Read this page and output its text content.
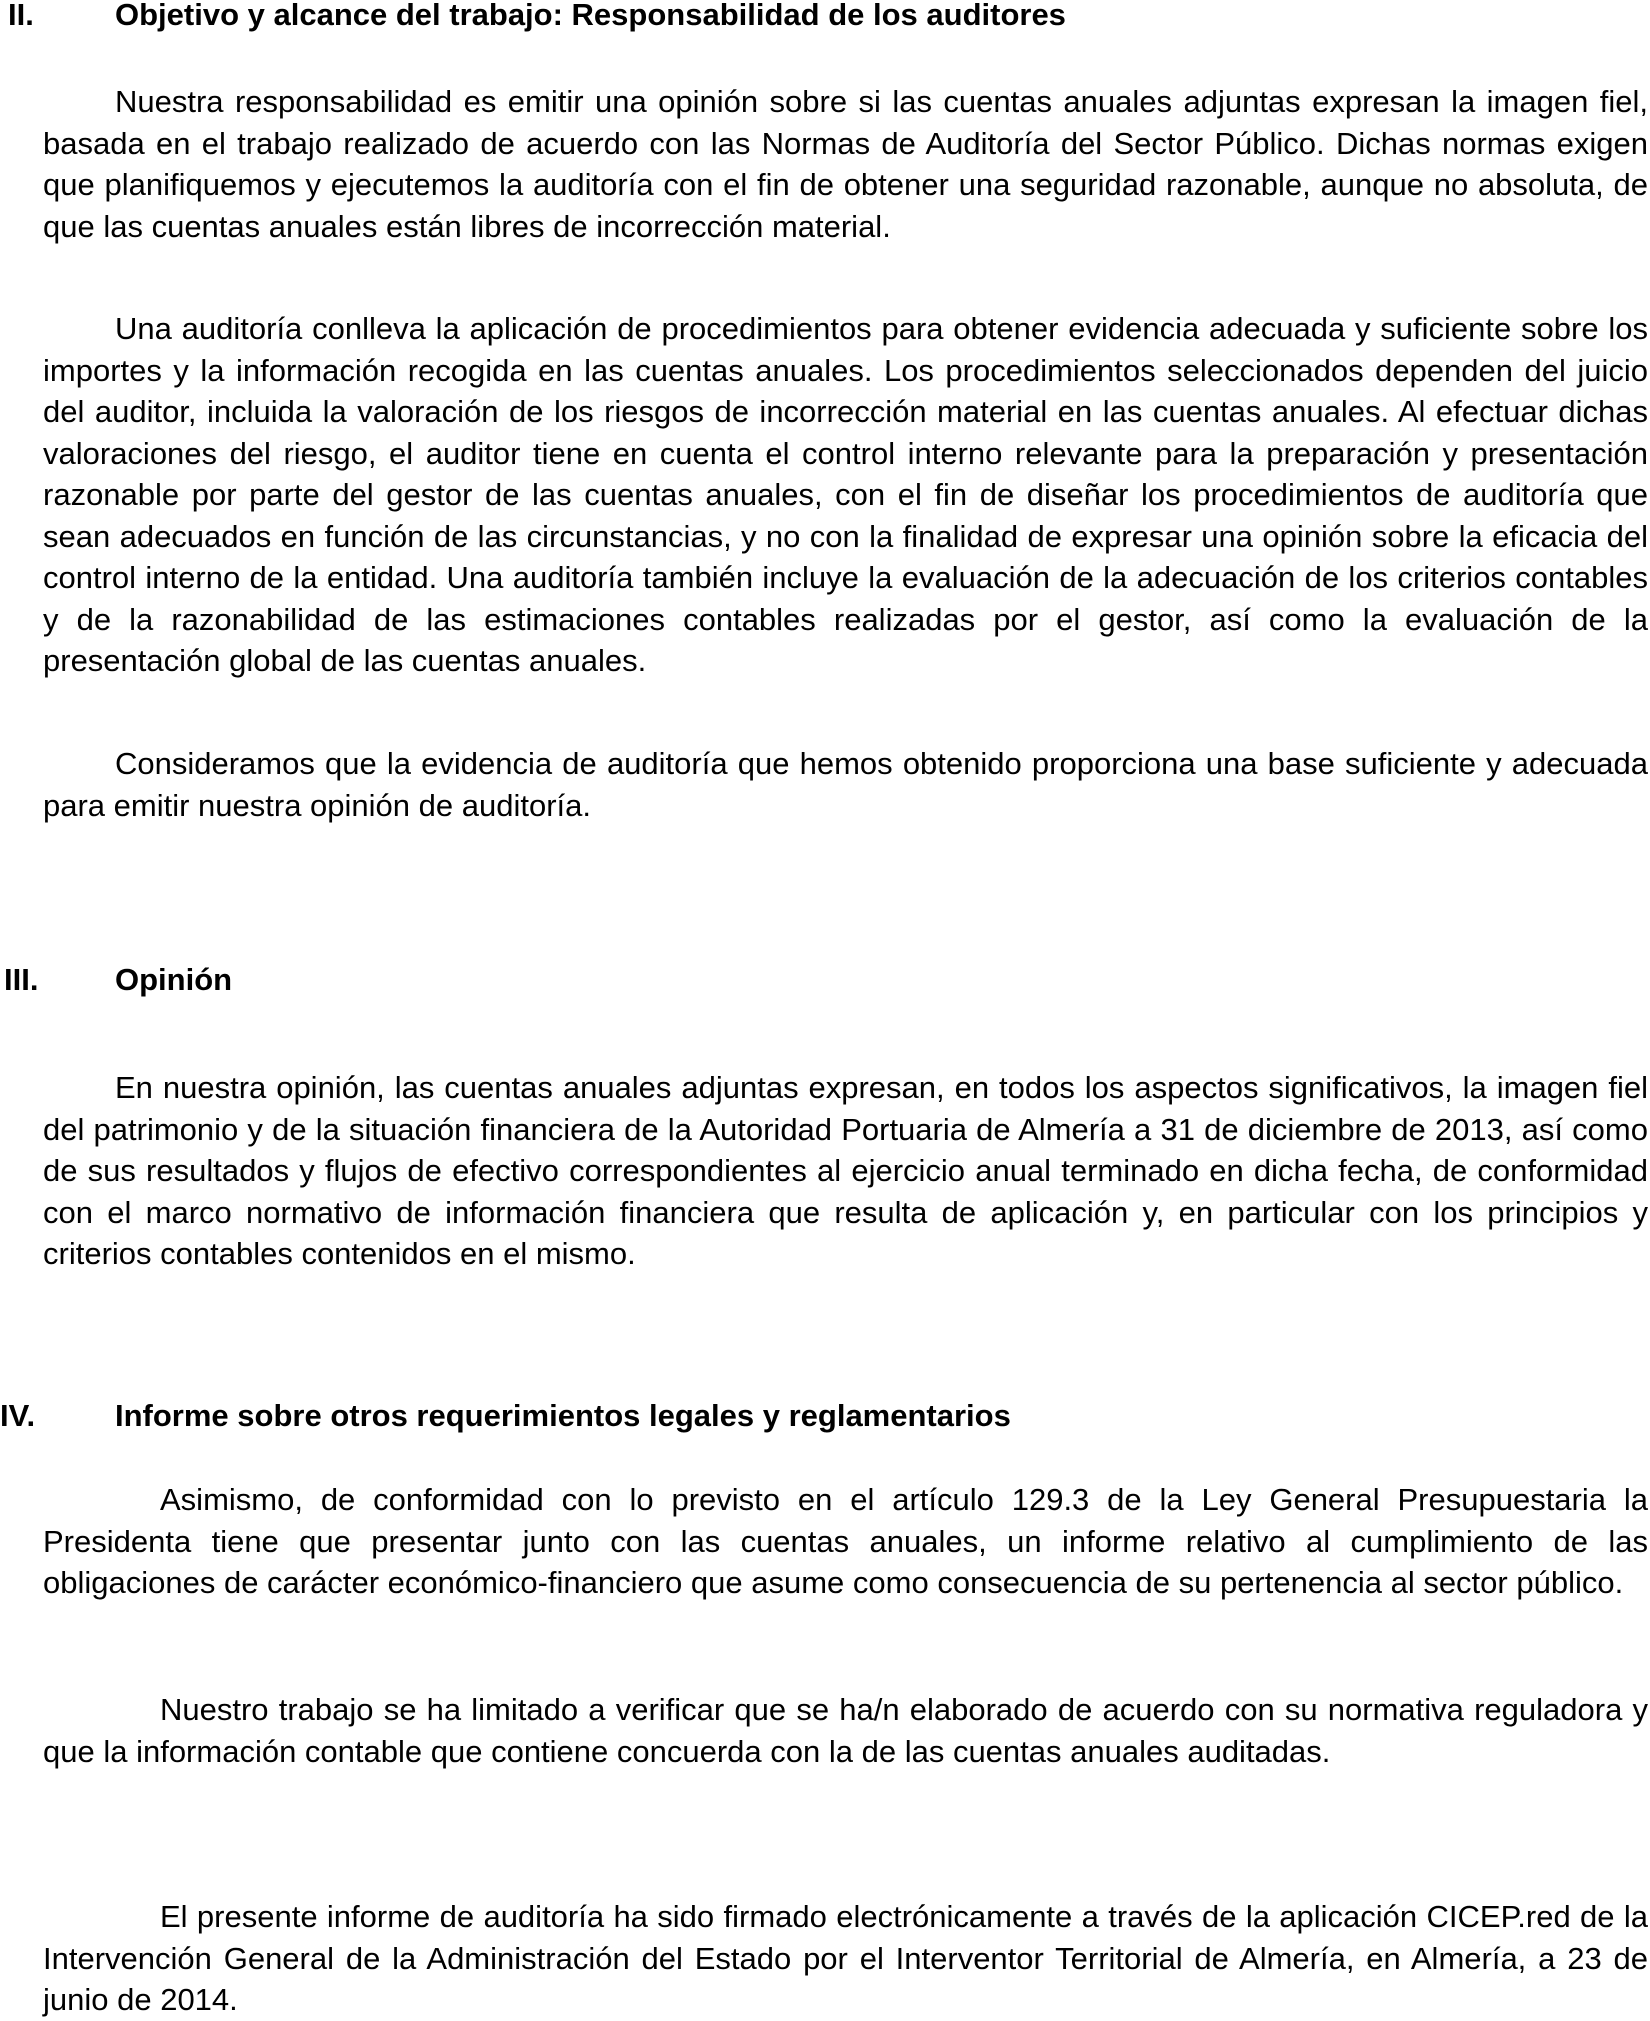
II.	Objetivo y alcance del trabajo: Responsabilidad de los auditores

Nuestra responsabilidad es emitir una opinión sobre si las cuentas anuales adjuntas expresan la imagen fiel, basada en el trabajo realizado de acuerdo con las Normas de Auditoría del Sector Público. Dichas normas exigen que planifiquemos y ejecutemos la auditoría con el fin de obtener una seguridad razonable, aunque no absoluta, de que las cuentas anuales están libres de incorrección material.

Una auditoría conlleva la aplicación de procedimientos para obtener evidencia adecuada y suficiente sobre los importes y la información recogida en las cuentas anuales. Los procedimientos seleccionados dependen del juicio del auditor, incluida la valoración de los riesgos de incorrección material en las cuentas anuales. Al efectuar dichas valoraciones del riesgo, el auditor tiene en cuenta el control interno relevante para la preparación y presentación razonable por parte del gestor de las cuentas anuales, con el fin de diseñar los procedimientos de auditoría que sean adecuados en función de las circunstancias, y no con la finalidad de expresar una opinión sobre la eficacia del control interno de la entidad. Una auditoría también incluye la evaluación de la adecuación de los criterios contables y de la razonabilidad de las estimaciones contables realizadas por el gestor, así como la evaluación de la presentación global de las cuentas anuales.

Consideramos que la evidencia de auditoría que hemos obtenido proporciona una base suficiente y adecuada para emitir nuestra opinión de auditoría.

III. Opinión

En nuestra opinión, las cuentas anuales adjuntas expresan, en todos los aspectos significativos, la imagen fiel del patrimonio y de la situación financiera de la Autoridad Portuaria de Almería a 31 de diciembre de 2013, así como de sus resultados y flujos de efectivo correspondientes al ejercicio anual terminado en dicha fecha, de conformidad con el marco normativo de información financiera que resulta de aplicación y, en particular con los principios y criterios contables contenidos en el mismo.

IV.	Informe sobre otros requerimientos legales y reglamentarios

Asimismo, de conformidad con lo previsto en el artículo 129.3 de la Ley General Presupuestaria la Presidenta tiene que presentar junto con las cuentas anuales, un informe relativo al cumplimiento de las obligaciones de carácter económico-financiero que asume como consecuencia de su pertenencia al sector público.

Nuestro trabajo se ha limitado a verificar que se ha/n elaborado de acuerdo con su normativa reguladora y que la información contable que contiene concuerda con la de las cuentas anuales auditadas.

El presente informe de auditoría ha sido firmado electrónicamente a través de la aplicación CICEP.red de la Intervención General de la Administración del Estado por el Interventor Territorial de Almería, en Almería, a 23 de junio de 2014.
